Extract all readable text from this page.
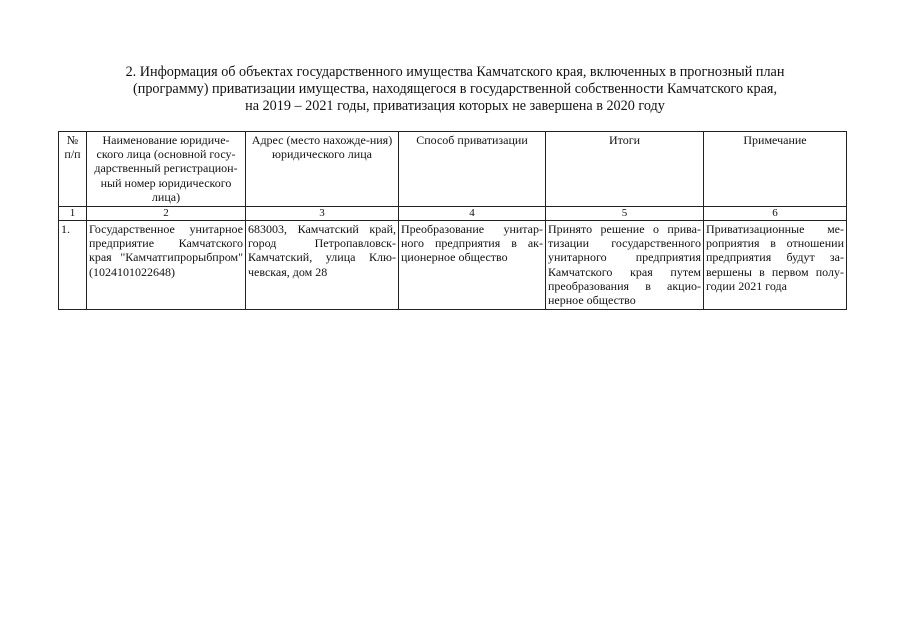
2. Информация об объектах государственного имущества Камчатского края, включенных в прогнозный план
(программу) приватизации имущества, находящегося в государственной собственности Камчатского края,
на 2019 – 2021 годы, приватизация которых не завершена в 2020 году
№ п/п	Наименование юридиче-ского лица (основной госу-дарственный регистрацион-ный номер юридического лица)	Адрес (место нахожде-ния) юридического лица	Способ приватизации	Итоги	Примечание
1	2	3	4	5	6
1.	Государственное унитарное предприятие Камчатского края "Камчатгипрорыбпром" (1024101022648)	683003, Камчатский край, город Петропавловск-Камчатский, улица Клю-чевская, дом 28	Преобразование унитар-ного предприятия в ак-ционерное общество	Принято решение о прива-тизации государственного унитарного предприятия Камчатского края путем преобразования в акцио-нерное общество	Приватизационные ме-роприятия в отношении предприятия будут за-вершены в первом полу-годии 2021 года
